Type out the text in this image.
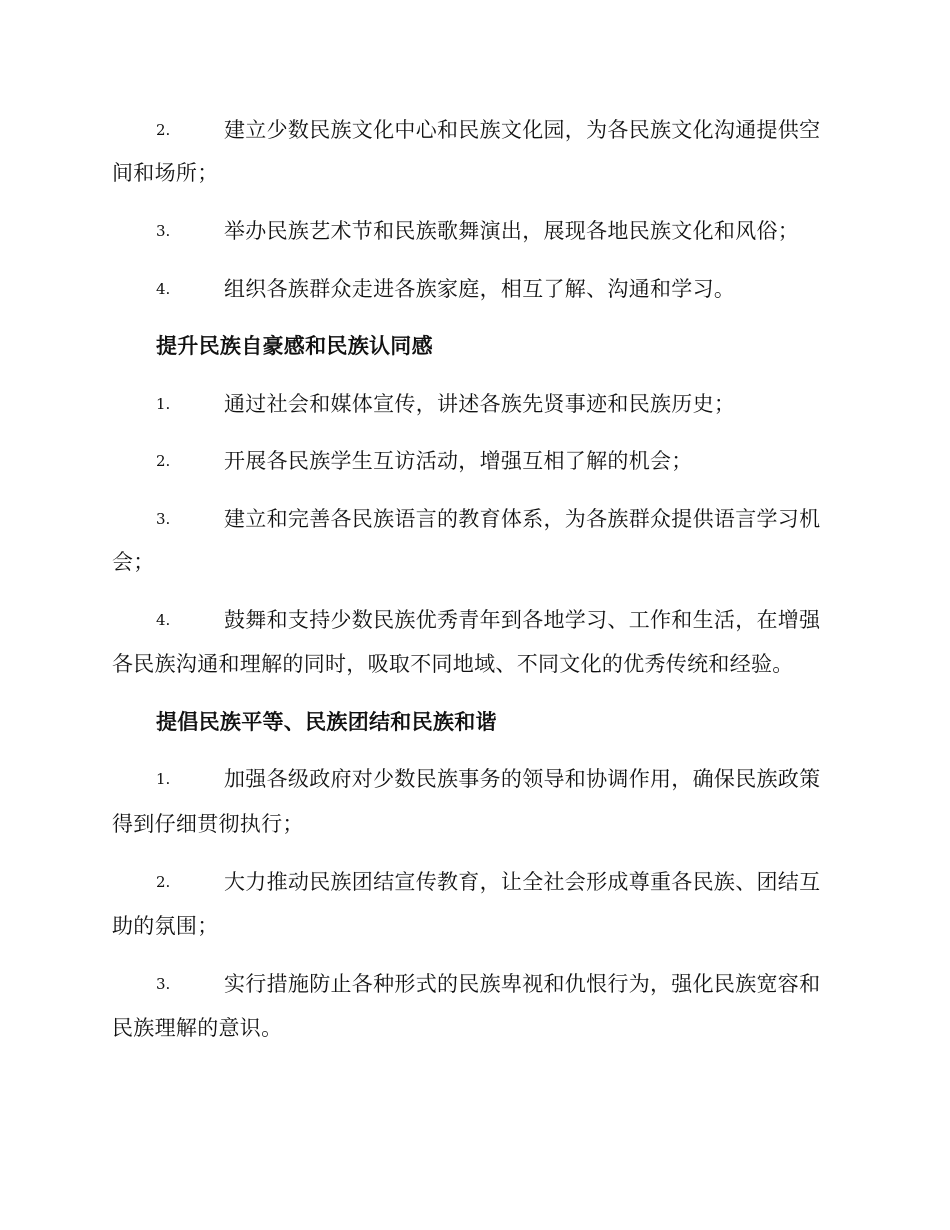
2.	建立少数民族文化中心和民族文化园，为各民族文化沟通提供空
间和场所；
3.	举办民族艺术节和民族歌舞演出，展现各地民族文化和风俗；
4.	组织各族群众走进各族家庭，相互了解、沟通和学习。
提升民族自豪感和民族认同感
1.	通过社会和媒体宣传，讲述各族先贤事迹和民族历史；
2.	开展各民族学生互访活动，增强互相了解的机会；
3.	建立和完善各民族语言的教育体系，为各族群众提供语言学习机
会；
4.	鼓舞和支持少数民族优秀青年到各地学习、工作和生活，在增强
各民族沟通和理解的同时，吸取不同地域、不同文化的优秀传统和经验。
提倡民族平等、民族团结和民族和谐
1.	加强各级政府对少数民族事务的领导和协调作用，确保民族政策
得到仔细贯彻执行；
2.	大力推动民族团结宣传教育，让全社会形成尊重各民族、团结互
助的氛围；
3.	实行措施防止各种形式的民族卑视和仇恨行为，强化民族宽容和
民族理解的意识。
